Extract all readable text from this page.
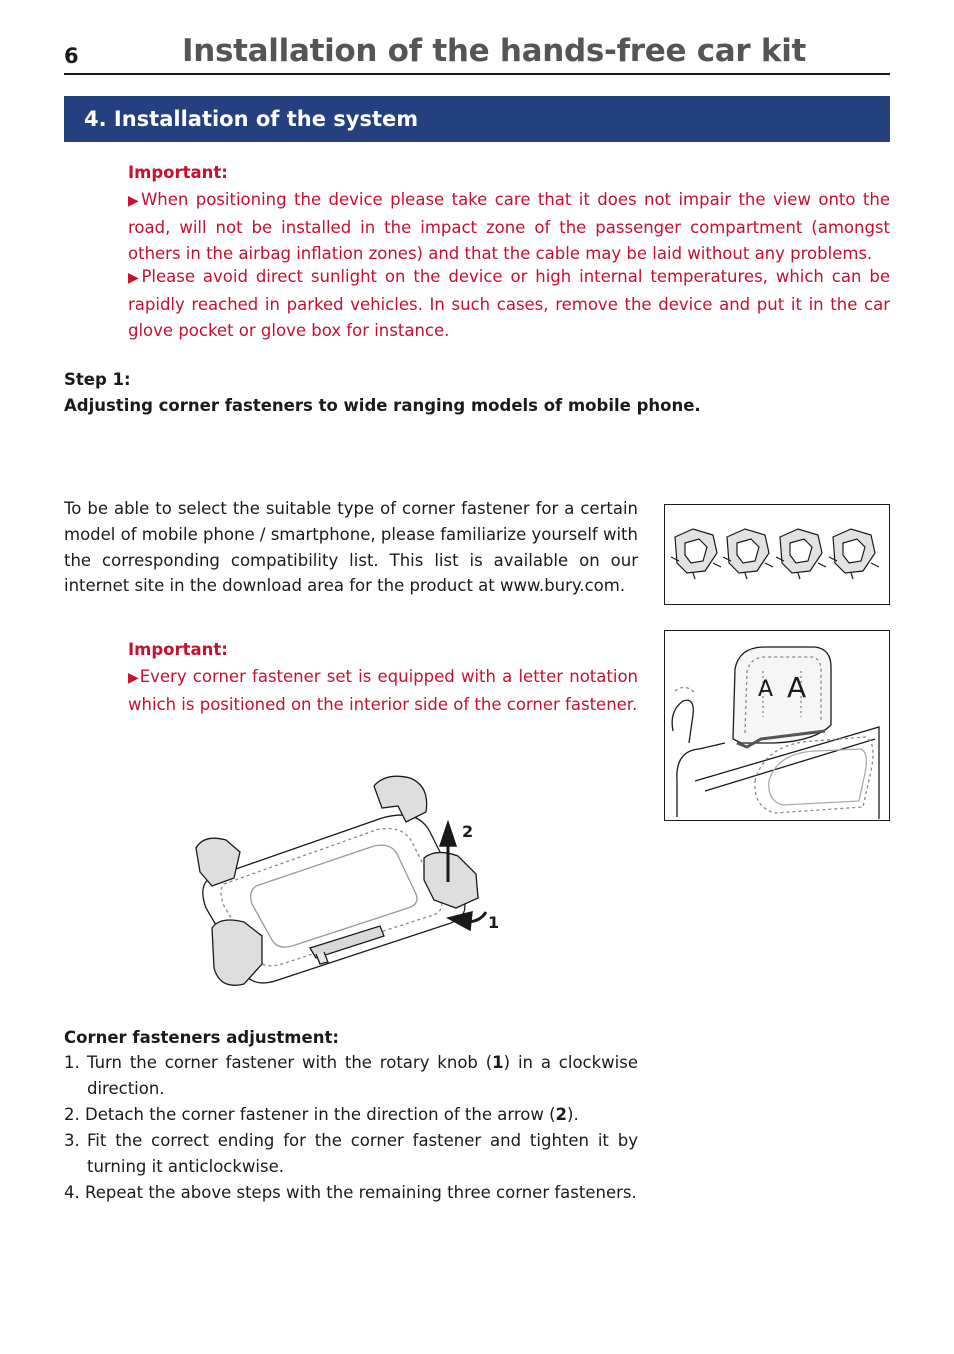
6	Installation of the hands-free car kit
4. Installation of the system
Important:
▶When positioning the device please take care that it does not impair the view onto the road, will not be installed in the impact zone of the passenger compartment (amongst others in the airbag inflation zones) and that the cable may be laid without any problems.
▶Please avoid direct sunlight on the device or high internal temperatures, which can be rapidly reached in parked vehicles. In such cases, remove the device and put it in the car glove pocket or glove box for instance.
Step 1:
Adjusting corner fasteners to wide ranging models of mobile phone.
To be able to select the suitable type of corner fastener for a certain model of mobile phone / smartphone, please familiarize yourself with the corresponding compatibility list. This list is available on our internet site in the download area for the product at www.bury.com.
Important:
▶Every corner fastener set is equipped with a letter notation which is positioned on the interior side of the corner fastener.
A A
2
1
Corner fasteners adjustment:
1. Turn the corner fastener with the rotary knob (1) in a clockwise direction.
2. Detach the corner fastener in the direction of the arrow (2).
3. Fit the correct ending for the corner fastener and tighten it by turning it anticlockwise.
4. Repeat the above steps with the remaining three corner fasteners.
